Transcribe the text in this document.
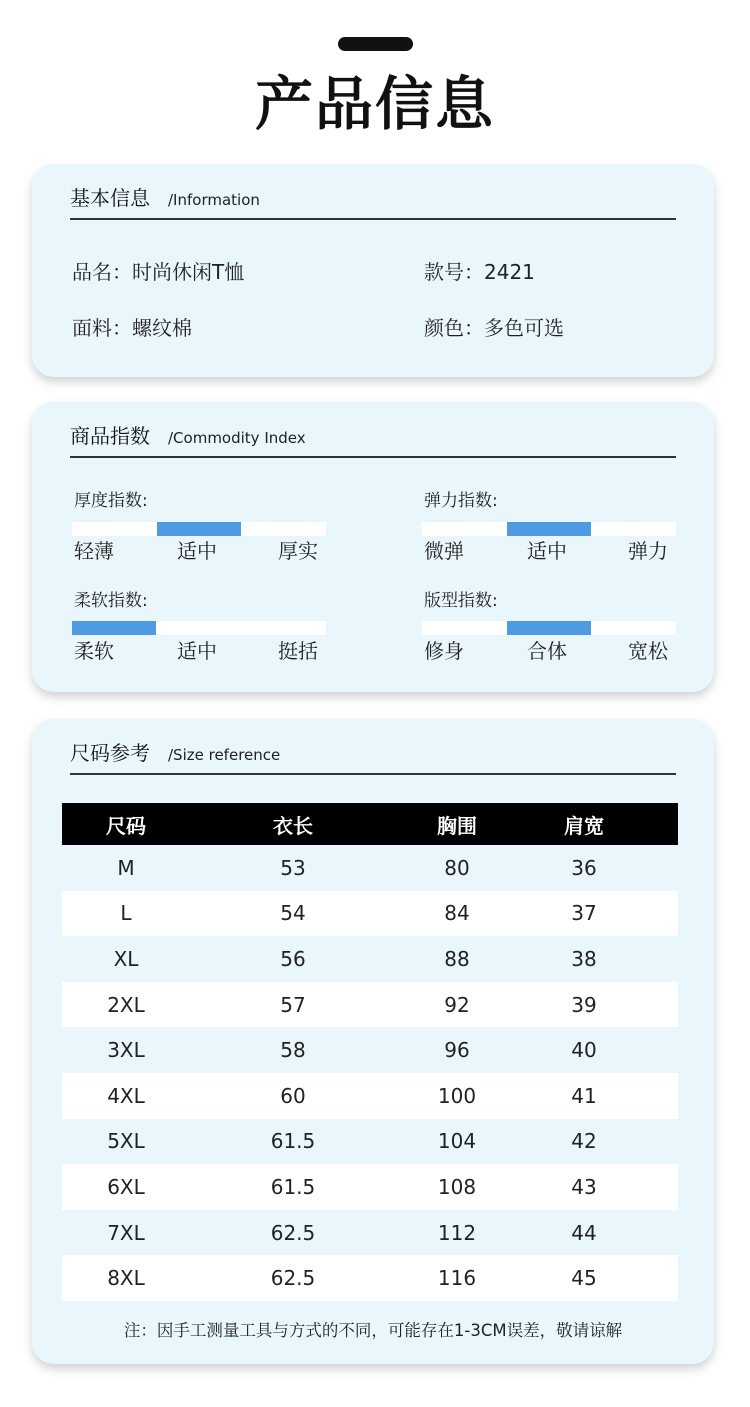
产品信息
基本信息 /Information
品名：时尚休闲T恤	款号：2421
面料：螺纹棉	颜色：多色可选
商品指数 /Commodity Index
厚度指数:
轻薄	适中	厚实
弹力指数:
微弹	适中	弹力
柔软指数:
柔软	适中	挺括
版型指数:
修身	合体	宽松
尺码参考 /Size reference
尺码	衣长	胸围	肩宽
M	53	80	36
L	54	84	37
XL	56	88	38
2XL	57	92	39
3XL	58	96	40
4XL	60	100	41
5XL	61.5	104	42
6XL	61.5	108	43
7XL	62.5	112	44
8XL	62.5	116	45
注：因手工测量工具与方式的不同，可能存在1-3CM误差，敬请谅解
